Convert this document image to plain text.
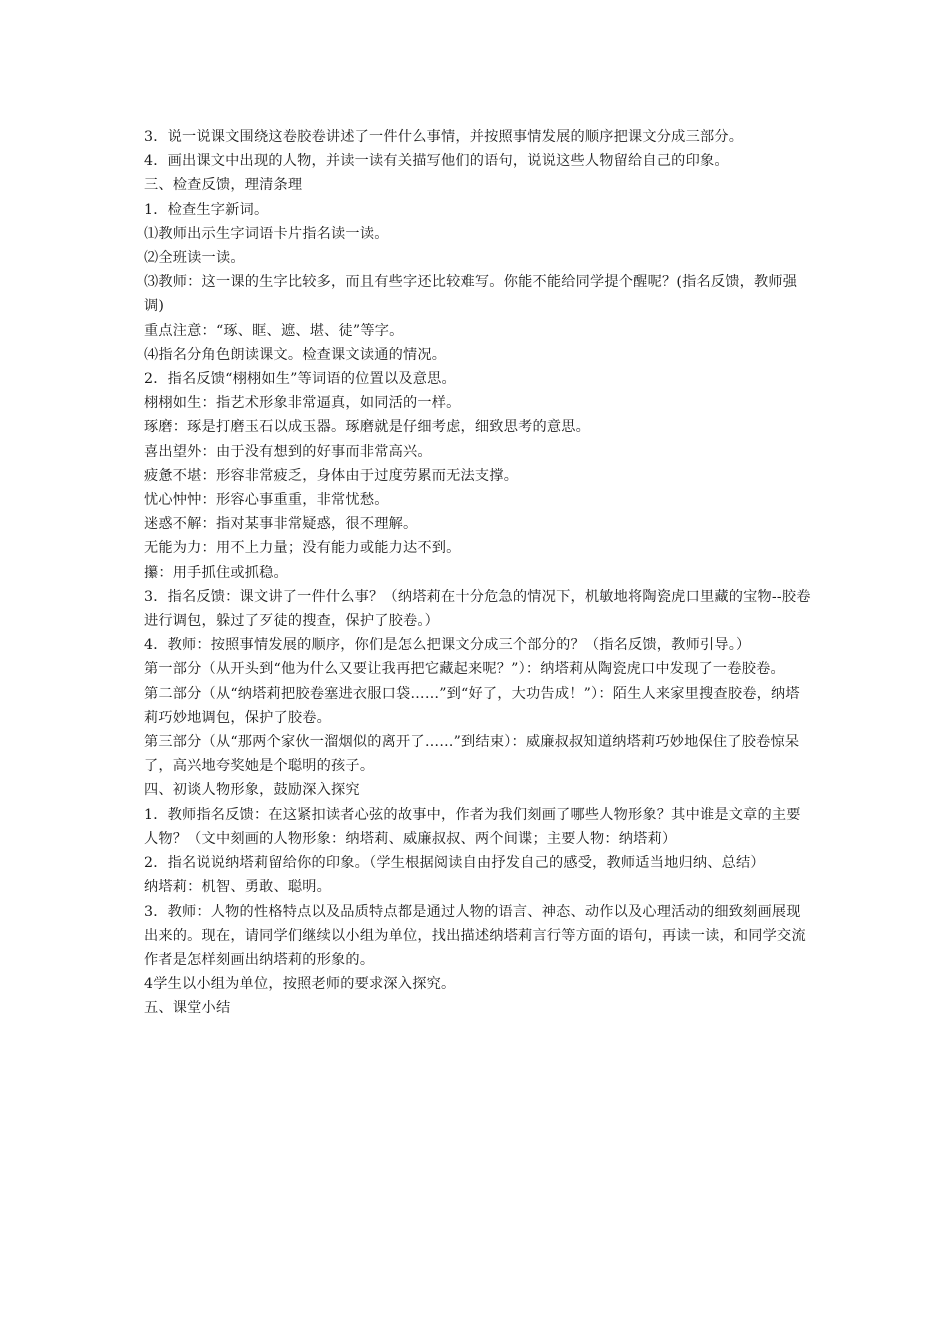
3．说一说课文围绕这卷胶卷讲述了一件什么事情，并按照事情发展的顺序把课文分成三部分。

4．画出课文中出现的人物，并读一读有关描写他们的语句，说说这些人物留给自己的印象。

三、检查反馈，理清条理

1．检查生字新词。

⑴教师出示生字词语卡片指名读一读。

⑵全班读一读。

⑶教师：这一课的生字比较多，而且有些字还比较难写。你能不能给同学提个醒呢？(指名反馈，教师强调)

重点注意：“琢、眶、遮、堪、徒”等字。

⑷指名分角色朗读课文。检查课文读通的情况。

2．指名反馈“栩栩如生”等词语的位置以及意思。

栩栩如生：指艺术形象非常逼真，如同活的一样。

琢磨：琢是打磨玉石以成玉器。琢磨就是仔细考虑，细致思考的意思。

喜出望外：由于没有想到的好事而非常高兴。

疲惫不堪：形容非常疲乏，身体由于过度劳累而无法支撑。

忧心忡忡：形容心事重重，非常忧愁。

迷惑不解：指对某事非常疑惑，很不理解。

无能为力：用不上力量；没有能力或能力达不到。

攥：用手抓住或抓稳。

3．指名反馈：课文讲了一件什么事？（纳塔莉在十分危急的情况下，机敏地将陶瓷虎口里藏的宝物--胶卷进行调包，躲过了歹徒的搜查，保护了胶卷。）

4．教师：按照事情发展的顺序，你们是怎么把课文分成三个部分的？（指名反馈，教师引导。）

第一部分（从开头到“他为什么又要让我再把它藏起来呢？”）：纳塔莉从陶瓷虎口中发现了一卷胶卷。

第二部分（从“纳塔莉把胶卷塞进衣服口袋……”到“好了，大功告成！”）：陌生人来家里搜查胶卷，纳塔莉巧妙地调包，保护了胶卷。

第三部分（从“那两个家伙一溜烟似的离开了……”到结束）：威廉叔叔知道纳塔莉巧妙地保住了胶卷惊呆了，高兴地夸奖她是个聪明的孩子。

四、初谈人物形象，鼓励深入探究

1．教师指名反馈：在这紧扣读者心弦的故事中，作者为我们刻画了哪些人物形象？其中谁是文章的主要人物？（文中刻画的人物形象：纳塔莉、威廉叔叔、两个间谍；主要人物：纳塔莉）

2．指名说说纳塔莉留给你的印象。（学生根据阅读自由抒发自己的感受，教师适当地归纳、总结）

纳塔莉：机智、勇敢、聪明。

3．教师：人物的性格特点以及品质特点都是通过人物的语言、神态、动作以及心理活动的细致刻画展现出来的。现在，请同学们继续以小组为单位，找出描述纳塔莉言行等方面的语句，再读一读，和同学交流作者是怎样刻画出纳塔莉的形象的。

4学生以小组为单位，按照老师的要求深入探究。

五、课堂小结
